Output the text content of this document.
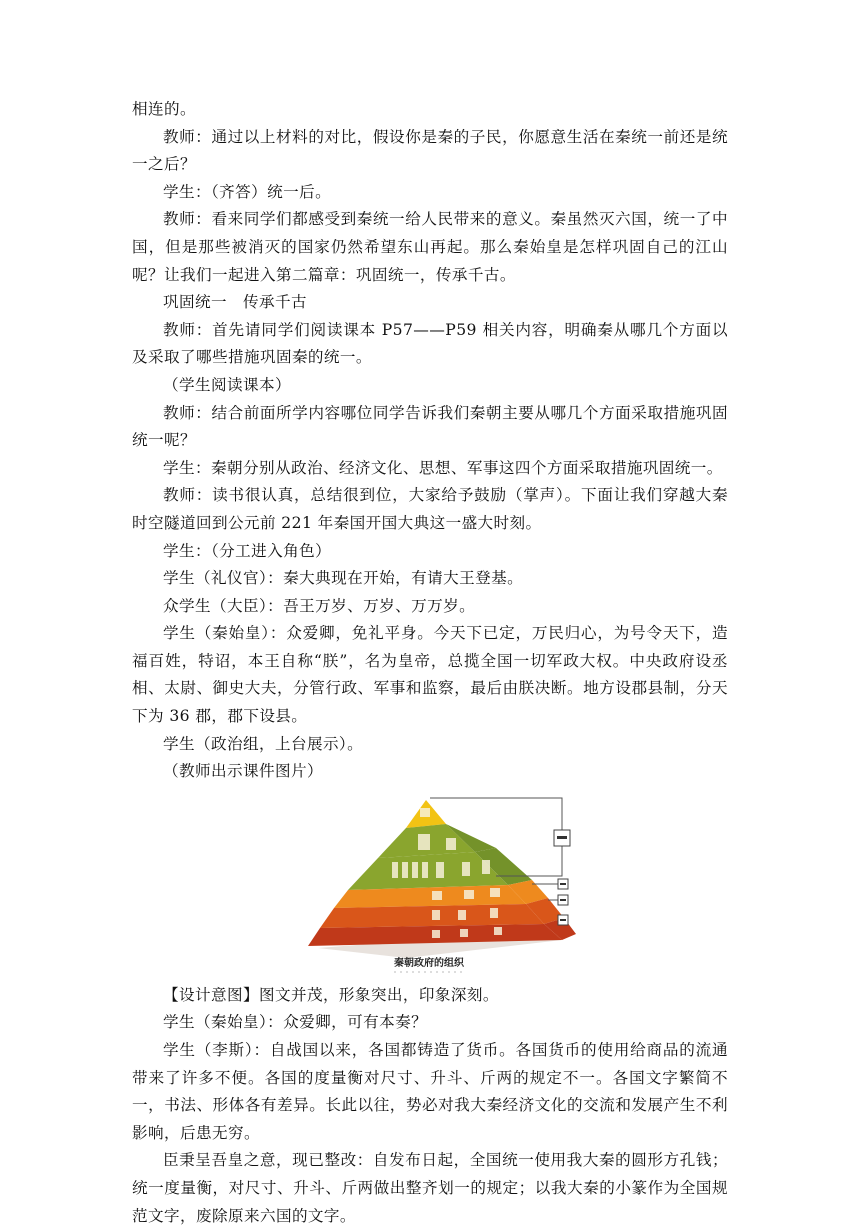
相连的。

教师：通过以上材料的对比，假设你是秦的子民，你愿意生活在秦统一前还是统一之后？

学生：（齐答）统一后。

教师：看来同学们都感受到秦统一给人民带来的意义。秦虽然灭六国，统一了中国，但是那些被消灭的国家仍然希望东山再起。那么秦始皇是怎样巩固自己的江山呢？让我们一起进入第二篇章：巩固统一，传承千古。

巩固统一　传承千古

教师：首先请同学们阅读课本 P57——P59 相关内容，明确秦从哪几个方面以及采取了哪些措施巩固秦的统一。

（学生阅读课本）

教师：结合前面所学内容哪位同学告诉我们秦朝主要从哪几个方面采取措施巩固统一呢？

学生：秦朝分别从政治、经济文化、思想、军事这四个方面采取措施巩固统一。

教师：读书很认真，总结很到位，大家给予鼓励（掌声）。下面让我们穿越大秦时空隧道回到公元前 221 年秦国开国大典这一盛大时刻。

学生：（分工进入角色）

学生（礼仪官）：秦大典现在开始，有请大王登基。

众学生（大臣）：吾王万岁、万岁、万万岁。

学生（秦始皇）：众爱卿，免礼平身。今天下已定，万民归心，为号令天下，造福百姓，特诏，本王自称“朕”，名为皇帝，总揽全国一切军政大权。中央政府设丞相、太尉、御史大夫，分管行政、军事和监察，最后由朕决断。地方设郡县制，分天下为 36 郡，郡下设县。

学生（政治组，上台展示）。

（教师出示课件图片）

秦朝政府的组织

【设计意图】图文并茂，形象突出，印象深刻。

学生（秦始皇）：众爱卿，可有本奏？

学生（李斯）：自战国以来，各国都铸造了货币。各国货币的使用给商品的流通带来了许多不便。各国的度量衡对尺寸、升斗、斤两的规定不一。各国文字繁简不一，书法、形体各有差异。长此以往，势必对我大秦经济文化的交流和发展产生不利影响，后患无穷。

臣秉呈吾皇之意，现已整改：自发布日起，全国统一使用我大秦的圆形方孔钱；统一度量衡，对尺寸、升斗、斤两做出整齐划一的规定；以我大秦的小篆作为全国规范文字，废除原来六国的文字。
